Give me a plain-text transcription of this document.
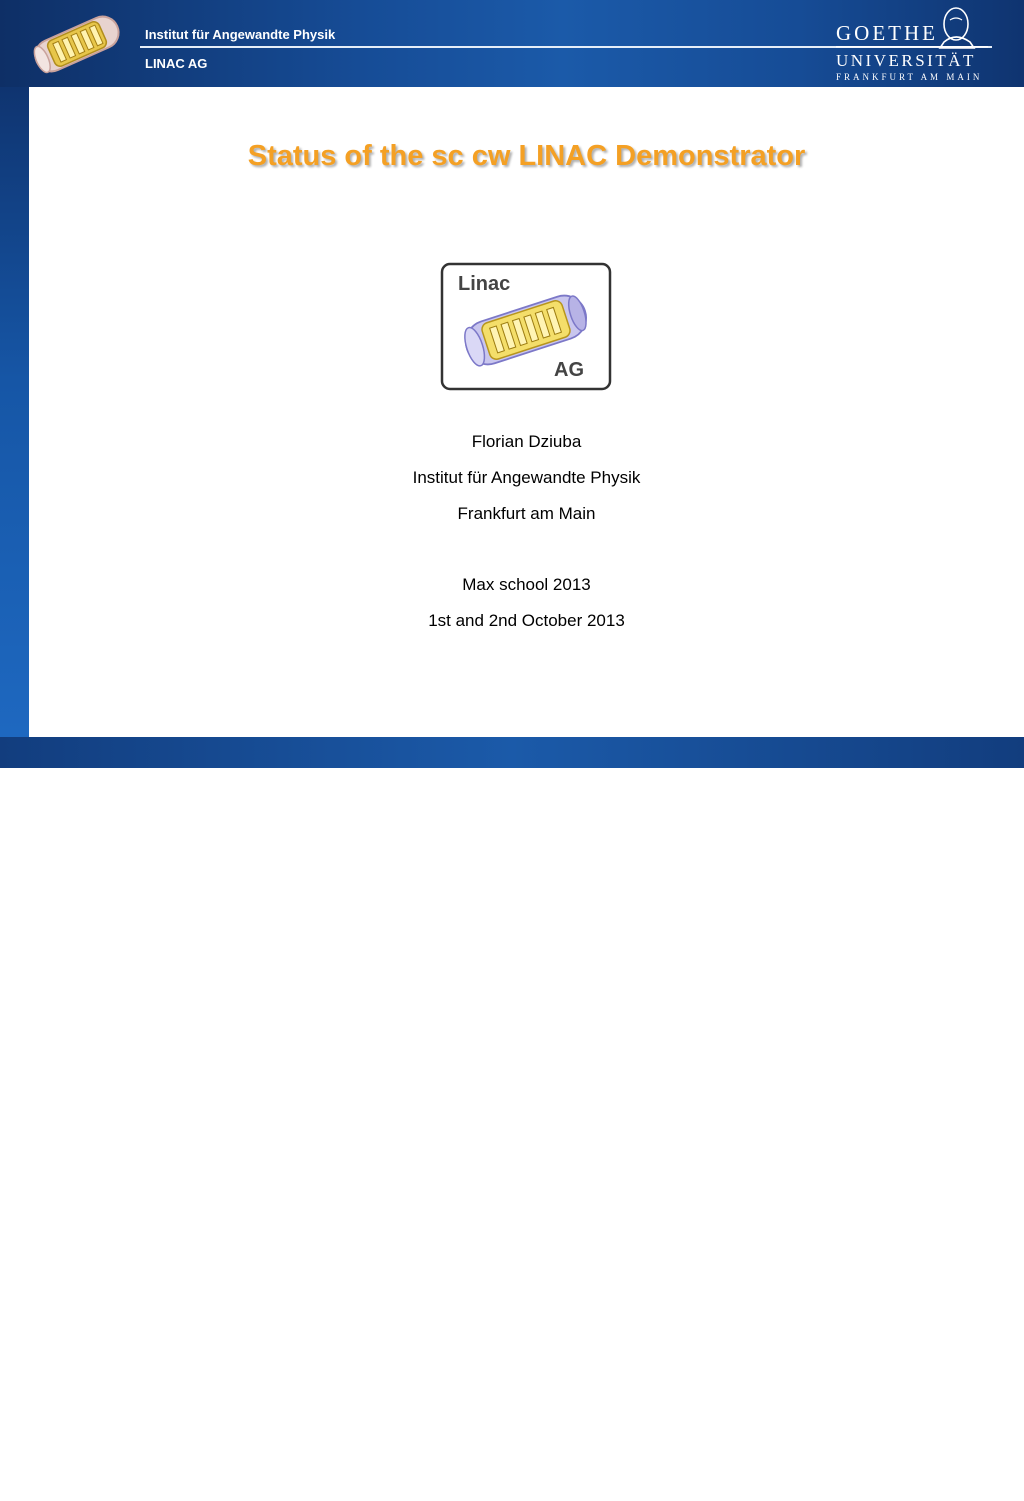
Institut für Angewandte Physik
LINAC AG
GOETHE
UNIVERSITÄT
FRANKFURT AM MAIN
Status of the sc cw LINAC Demonstrator
Linac
AG
Florian Dziuba
Institut für Angewandte Physik
Frankfurt am Main
Max school 2013
1st and 2nd October 2013
Florian Dziuba	1	Max school, October 2nd 2013
